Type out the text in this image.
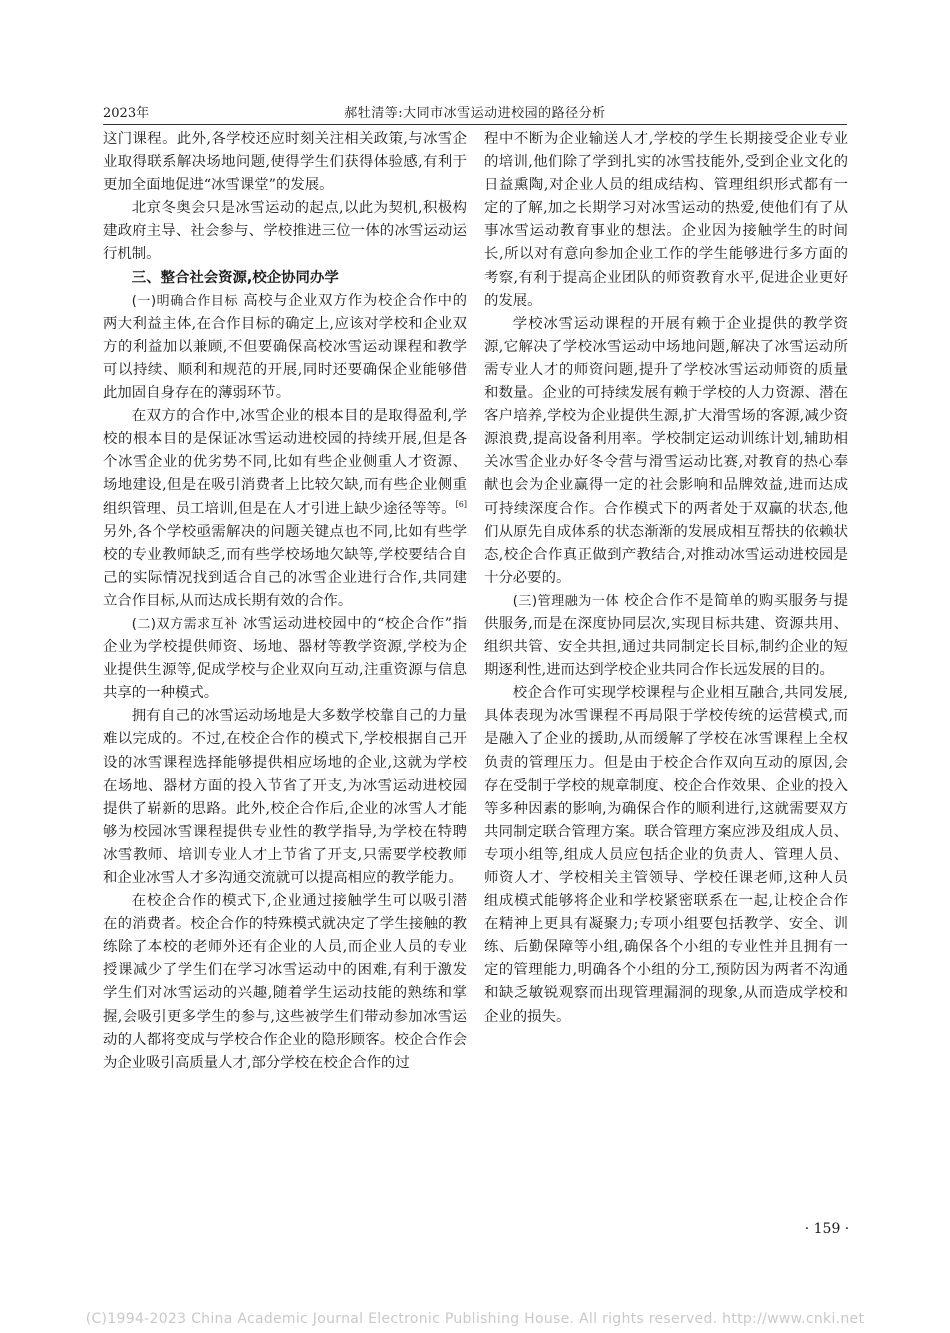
2023年	郝牡清等:大同市冰雪运动进校园的路径分析

这门课程。此外,各学校还应时刻关注相关政策,与冰雪企业取得联系解决场地问题,使得学生们获得体验感,有利于更加全面地促进“冰雪课堂”的发展。

北京冬奥会只是冰雪运动的起点,以此为契机,积极构建政府主导、社会参与、学校推进三位一体的冰雪运动运行机制。

三、整合社会资源,校企协同办学

(一)明确合作目标 高校与企业双方作为校企合作中的两大利益主体,在合作目标的确定上,应该对学校和企业双方的利益加以兼顾,不但要确保高校冰雪运动课程和教学可以持续、顺利和规范的开展,同时还要确保企业能够借此加固自身存在的薄弱环节。

在双方的合作中,冰雪企业的根本目的是取得盈利,学校的根本目的是保证冰雪运动进校园的持续开展,但是各个冰雪企业的优劣势不同,比如有些企业侧重人才资源、场地建设,但是在吸引消费者上比较欠缺,而有些企业侧重组织管理、员工培训,但是在人才引进上缺少途径等等。[6]另外,各个学校亟需解决的问题关键点也不同,比如有些学校的专业教师缺乏,而有些学校场地欠缺等,学校要结合自己的实际情况找到适合自己的冰雪企业进行合作,共同建立合作目标,从而达成长期有效的合作。

(二)双方需求互补 冰雪运动进校园中的“校企合作”指企业为学校提供师资、场地、器材等教学资源,学校为企业提供生源等,促成学校与企业双向互动,注重资源与信息共享的一种模式。

拥有自己的冰雪运动场地是大多数学校靠自己的力量难以完成的。不过,在校企合作的模式下,学校根据自己开设的冰雪课程选择能够提供相应场地的企业,这就为学校在场地、器材方面的投入节省了开支,为冰雪运动进校园提供了崭新的思路。此外,校企合作后,企业的冰雪人才能够为校园冰雪课程提供专业性的教学指导,为学校在特聘冰雪教师、培训专业人才上节省了开支,只需要学校教师和企业冰雪人才多沟通交流就可以提高相应的教学能力。

在校企合作的模式下,企业通过接触学生可以吸引潜在的消费者。校企合作的特殊模式就决定了学生接触的教练除了本校的老师外还有企业的人员,而企业人员的专业授课减少了学生们在学习冰雪运动中的困难,有利于激发学生们对冰雪运动的兴趣,随着学生运动技能的熟练和掌握,会吸引更多学生的参与,这些被学生们带动参加冰雪运动的人都将变成与学校合作企业的隐形顾客。校企合作会为企业吸引高质量人才,部分学校在校企合作的过

程中不断为企业输送人才,学校的学生长期接受企业专业的培训,他们除了学到扎实的冰雪技能外,受到企业文化的日益熏陶,对企业人员的组成结构、管理组织形式都有一定的了解,加之长期学习对冰雪运动的热爱,使他们有了从事冰雪运动教育事业的想法。企业因为接触学生的时间长,所以对有意向参加企业工作的学生能够进行多方面的考察,有利于提高企业团队的师资教育水平,促进企业更好的发展。

学校冰雪运动课程的开展有赖于企业提供的教学资源,它解决了学校冰雪运动中场地问题,解决了冰雪运动所需专业人才的师资问题,提升了学校冰雪运动师资的质量和数量。企业的可持续发展有赖于学校的人力资源、潜在客户培养,学校为企业提供生源,扩大滑雪场的客源,减少资源浪费,提高设备利用率。学校制定运动训练计划,辅助相关冰雪企业办好冬令营与滑雪运动比赛,对教育的热心奉献也会为企业赢得一定的社会影响和品牌效益,进而达成可持续深度合作。合作模式下的两者处于双赢的状态,他们从原先自成体系的状态渐渐的发展成相互帮扶的依赖状态,校企合作真正做到产教结合,对推动冰雪运动进校园是十分必要的。

(三)管理融为一体 校企合作不是简单的购买服务与提供服务,而是在深度协同层次,实现目标共建、资源共用、组织共管、安全共担,通过共同制定长目标,制约企业的短期逐利性,进而达到学校企业共同合作长远发展的目的。

校企合作可实现学校课程与企业相互融合,共同发展,具体表现为冰雪课程不再局限于学校传统的运营模式,而是融入了企业的援助,从而缓解了学校在冰雪课程上全权负责的管理压力。但是由于校企合作双向互动的原因,会存在受制于学校的规章制度、校企合作效果、企业的投入等多种因素的影响,为确保合作的顺利进行,这就需要双方共同制定联合管理方案。联合管理方案应涉及组成人员、专项小组等,组成人员应包括企业的负责人、管理人员、师资人才、学校相关主管领导、学校任课老师,这种人员组成模式能够将企业和学校紧密联系在一起,让校企合作在精神上更具有凝聚力;专项小组要包括教学、安全、训练、后勤保障等小组,确保各个小组的专业性并且拥有一定的管理能力,明确各个小组的分工,预防因为两者不沟通和缺乏敏锐观察而出现管理漏洞的现象,从而造成学校和企业的损失。

· 159 ·
(C)1994-2023 China Academic Journal Electronic Publishing House. All rights reserved. http://www.cnki.net
